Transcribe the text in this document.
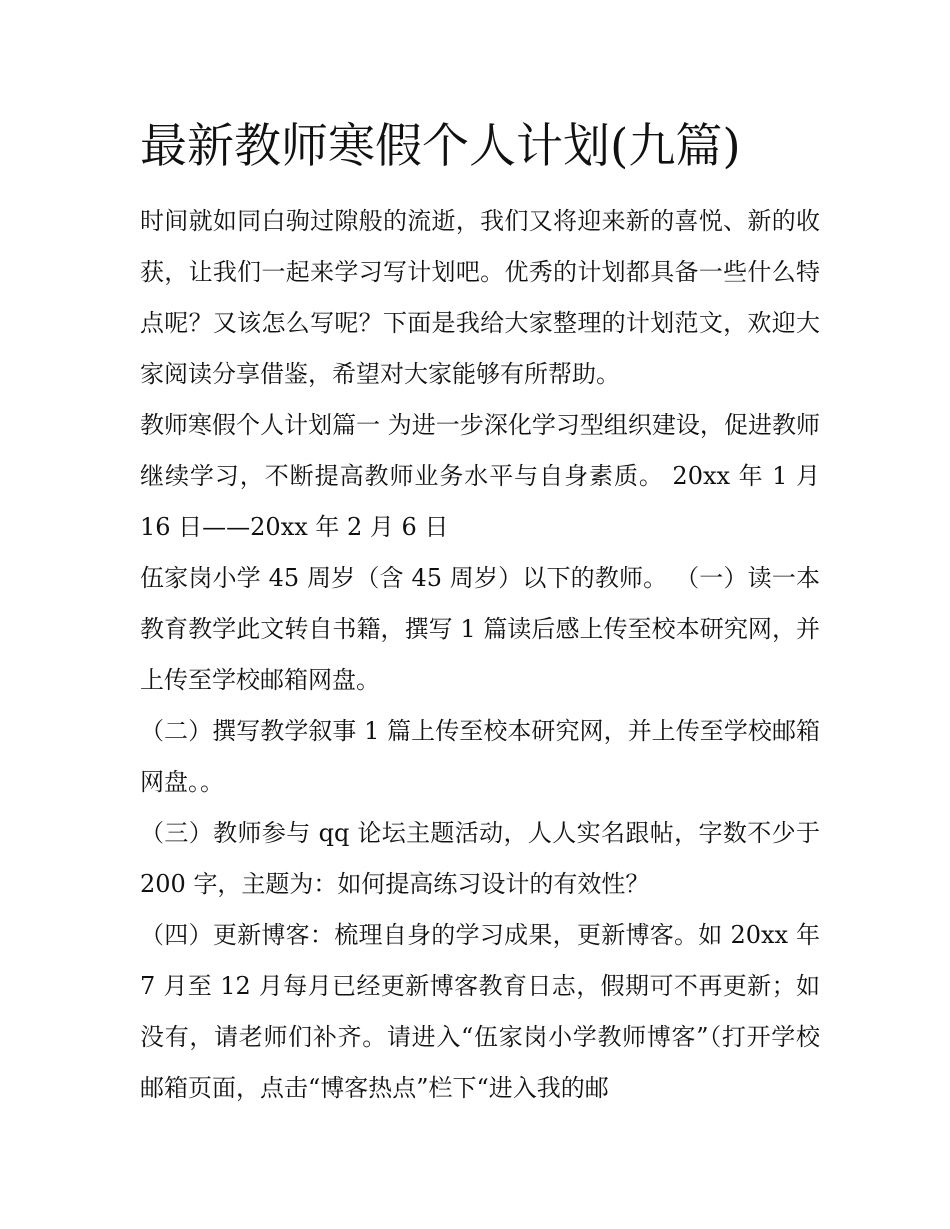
最新教师寒假个人计划(九篇)

时间就如同白驹过隙般的流逝，我们又将迎来新的喜悦、新的收获，让我们一起来学习写计划吧。优秀的计划都具备一些什么特点呢？又该怎么写呢？下面是我给大家整理的计划范文，欢迎大家阅读分享借鉴，希望对大家能够有所帮助。

教师寒假个人计划篇一 为进一步深化学习型组织建设，促进教师继续学习，不断提高教师业务水平与自身素质。 20xx 年 1 月 16 日——20xx 年 2 月 6 日

伍家岗小学 45 周岁（含 45 周岁）以下的教师。 （一）读一本教育教学此文转自书籍，撰写 1 篇读后感上传至校本研究网，并上传至学校邮箱网盘。

（二）撰写教学叙事 1 篇上传至校本研究网，并上传至学校邮箱网盘。。

（三）教师参与 qq 论坛主题活动，人人实名跟帖，字数不少于 200 字，主题为：如何提高练习设计的有效性？

（四）更新博客：梳理自身的学习成果，更新博客。如 20xx 年 7 月至 12 月每月已经更新博客教育日志，假期可不再更新；如没有，请老师们补齐。请进入“伍家岗小学教师博客”（打开学校邮箱页面，点击“博客热点”栏下“进入我的邮
